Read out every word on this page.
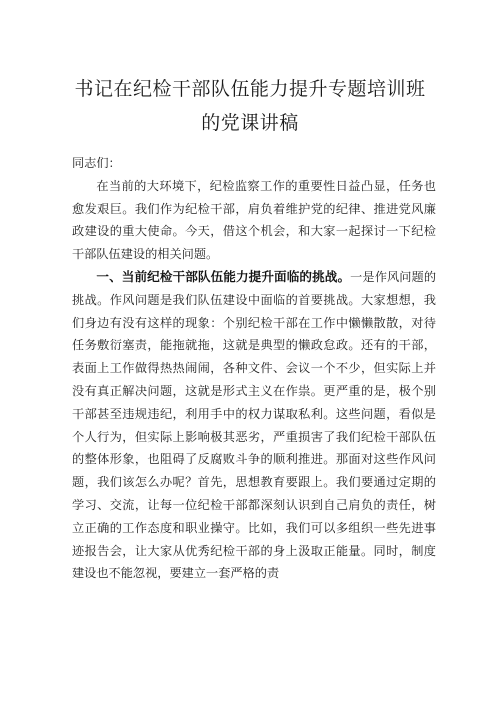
书记在纪检干部队伍能力提升专题培训班
的党课讲稿

同志们：

在当前的大环境下，纪检监察工作的重要性日益凸显，任务也愈发艰巨。我们作为纪检干部，肩负着维护党的纪律、推进党风廉政建设的重大使命。今天，借这个机会，和大家一起探讨一下纪检干部队伍建设的相关问题。

一、当前纪检干部队伍能力提升面临的挑战。一是作风问题的挑战。作风问题是我们队伍建设中面临的首要挑战。大家想想，我们身边有没有这样的现象：个别纪检干部在工作中懒懒散散，对待任务敷衍塞责，能拖就拖，这就是典型的懒政怠政。还有的干部，表面上工作做得热热闹闹，各种文件、会议一个不少，但实际上并没有真正解决问题，这就是形式主义在作祟。更严重的是，极个别干部甚至违规违纪，利用手中的权力谋取私利。这些问题，看似是个人行为，但实际上影响极其恶劣，严重损害了我们纪检干部队伍的整体形象，也阻碍了反腐败斗争的顺利推进。那面对这些作风问题，我们该怎么办呢？首先，思想教育要跟上。我们要通过定期的学习、交流，让每一位纪检干部都深刻认识到自己肩负的责任，树立正确的工作态度和职业操守。比如，我们可以多组织一些先进事迹报告会，让大家从优秀纪检干部的身上汲取正能量。同时，制度建设也不能忽视，要建立一套严格的责
